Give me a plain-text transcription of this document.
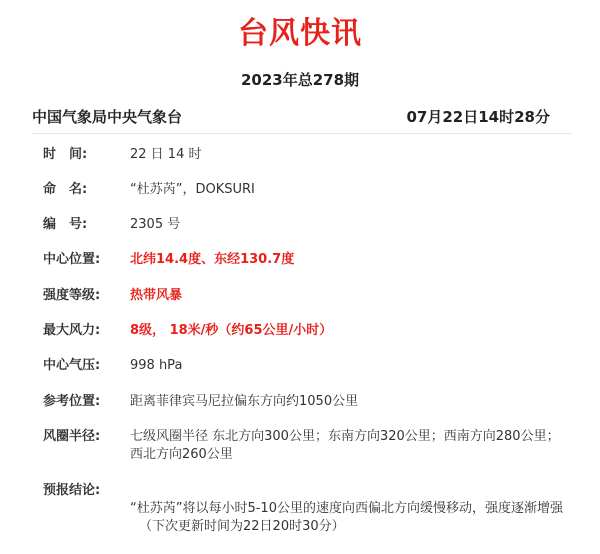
台风快讯
2023年总278期
中国气象局中央气象台	07月22日14时28分
时　间:	22 日 14 时
命　名:	“杜苏芮”，DOKSURI
编　号:	2305 号
中心位置:	北纬14.4度、东经130.7度
强度等级:	热带风暴
最大风力:	8级， 18米/秒（约65公里/小时）
中心气压:	998 hPa
参考位置:	距离菲律宾马尼拉偏东方向约1050公里
风圈半径:	七级风圈半径 东北方向300公里；东南方向320公里；西南方向280公里；西北方向260公里
预报结论:

“杜苏芮”将以每小时5-10公里的速度向西偏北方向缓慢移动，强度逐渐增强

（下次更新时间为22日20时30分）
